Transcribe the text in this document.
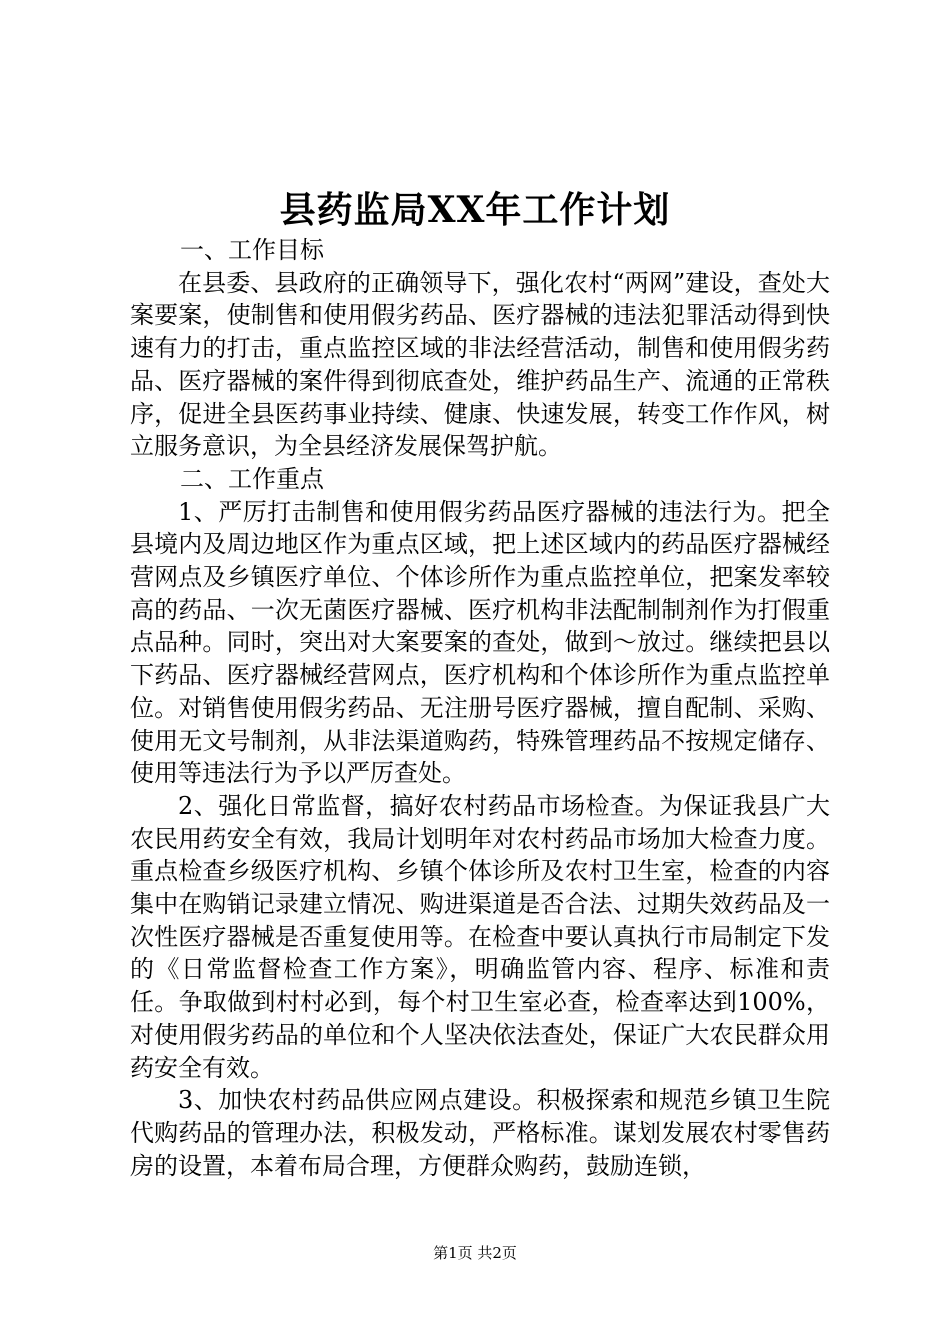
县药监局XX年工作计划

一、工作目标

在县委、县政府的正确领导下，强化农村“两网”建设，查处大案要案，使制售和使用假劣药品、医疗器械的违法犯罪活动得到快速有力的打击，重点监控区域的非法经营活动，制售和使用假劣药品、医疗器械的案件得到彻底查处，维护药品生产、流通的正常秩序，促进全县医药事业持续、健康、快速发展，转变工作作风，树立服务意识，为全县经济发展保驾护航。

二、工作重点

1、严厉打击制售和使用假劣药品医疗器械的违法行为。把全县境内及周边地区作为重点区域，把上述区域内的药品医疗器械经营网点及乡镇医疗单位、个体诊所作为重点监控单位，把案发率较高的药品、一次无菌医疗器械、医疗机构非法配制制剂作为打假重点品种。同时，突出对大案要案的查处，做到～放过。继续把县以下药品、医疗器械经营网点，医疗机构和个体诊所作为重点监控单位。对销售使用假劣药品、无注册号医疗器械，擅自配制、采购、使用无文号制剂，从非法渠道购药，特殊管理药品不按规定储存、使用等违法行为予以严厉查处。

2、强化日常监督，搞好农村药品市场检查。为保证我县广大农民用药安全有效，我局计划明年对农村药品市场加大检查力度。重点检查乡级医疗机构、乡镇个体诊所及农村卫生室，检查的内容集中在购销记录建立情况、购进渠道是否合法、过期失效药品及一次性医疗器械是否重复使用等。在检查中要认真执行市局制定下发的《日常监督检查工作方案》，明确监管内容、程序、标准和责任。争取做到村村必到，每个村卫生室必查，检查率达到100%，对使用假劣药品的单位和个人坚决依法查处，保证广大农民群众用药安全有效。

3、加快农村药品供应网点建设。积极探索和规范乡镇卫生院代购药品的管理办法，积极发动，严格标准。谋划发展农村零售药房的设置，本着布局合理，方便群众购药，鼓励连锁，

第1页 共2页
